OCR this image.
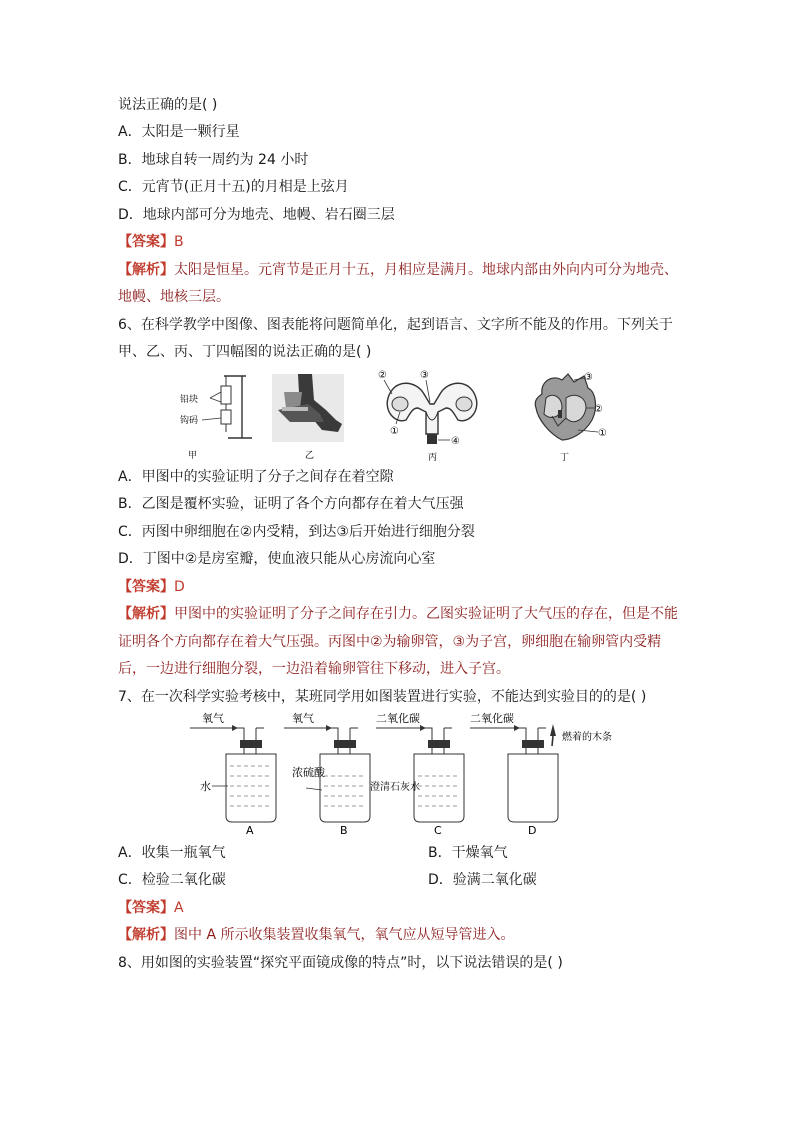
说法正确的是( )
A．太阳是一颗行星
B．地球自转一周约为 24 小时
C．元宵节(正月十五)的月相是上弦月
D．地球内部可分为地壳、地幔、岩石圈三层
【答案】B
【解析】太阳是恒星。元宵节是正月十五，月相应是满月。地球内部由外向内可分为地壳、
地幔、地核三层。
6、在科学教学中图像、图表能将问题简单化，起到语言、文字所不能及的作用。下列关于
甲、乙、丙、丁四幅图的说法正确的是( )
铅块
钩码
甲	乙
②	③
①
④
丙
③
②
①
丁
A．甲图中的实验证明了分子之间存在着空隙
B．乙图是覆杯实验，证明了各个方向都存在着大气压强
C．丙图中卵细胞在②内受精，到达③后开始进行细胞分裂
D．丁图中②是房室瓣，使血液只能从心房流向心室
【答案】D
【解析】甲图中的实验证明了分子之间存在引力。乙图实验证明了大气压的存在，但是不能
证明各个方向都存在着大气压强。丙图中②为输卵管，③为子宫，卵细胞在输卵管内受精
后，一边进行细胞分裂，一边沿着输卵管往下移动，进入子宫。
7、在一次科学实验考核中，某班同学用如图装置进行实验，不能达到实验目的的是( )
氧气
水
A
氧气
浓硫酸
B
二氧化碳
澄清石灰水
C
二氧化碳
燃着的木条
D
A．收集一瓶氧气	B．干燥氧气
C．检验二氧化碳	D．验满二氧化碳
【答案】A
【解析】图中 A 所示收集装置收集氧气，氧气应从短导管进入。
8、用如图的实验装置“探究平面镜成像的特点”时，以下说法错误的是( )
